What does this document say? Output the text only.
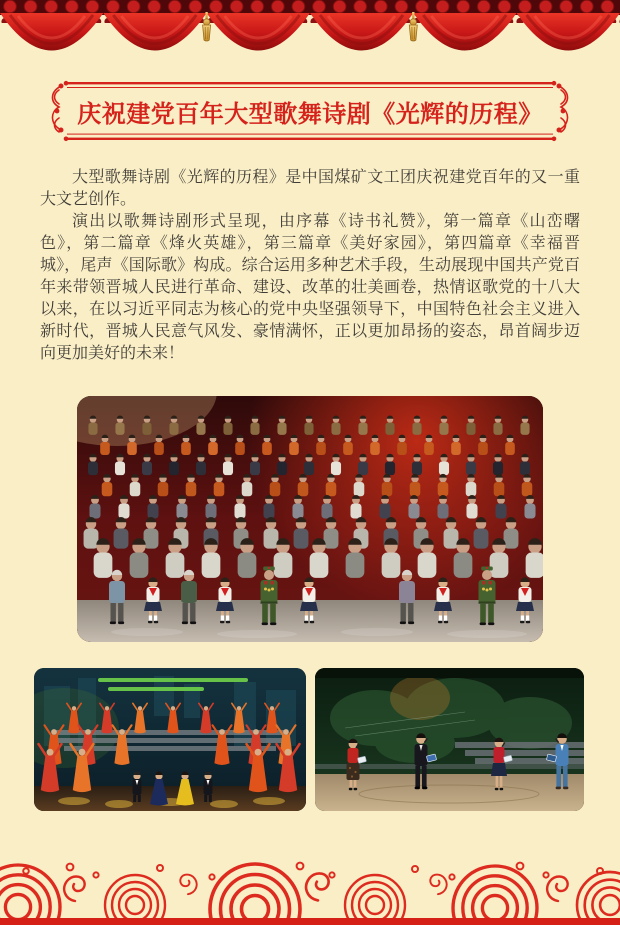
庆祝建党百年大型歌舞诗剧《光辉的历程》

大型歌舞诗剧《光辉的历程》是中国煤矿文工团庆祝建党百年的又一重大文艺创作。

演出以歌舞诗剧形式呈现，由序幕《诗书礼赞》，第一篇章《山峦曙色》，第二篇章《烽火英雄》，第三篇章《美好家园》，第四篇章《幸福晋城》，尾声《国际歌》构成。综合运用多种艺术手段，生动展现中国共产党百年来带领晋城人民进行革命、建设、改革的壮美画卷，热情讴歌党的十八大以来，在以习近平同志为核心的党中央坚强领导下，中国特色社会主义进入新时代，晋城人民意气风发、豪情满怀，正以更加昂扬的姿态，昂首阔步迈向更加美好的未来！
